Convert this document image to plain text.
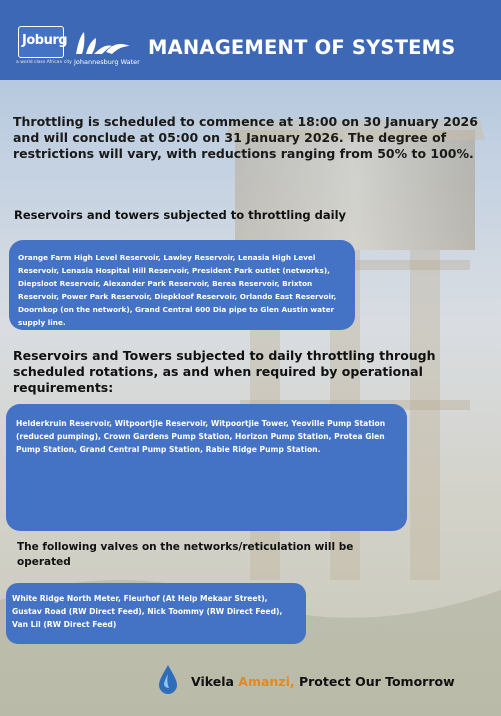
Joburg
a world class African city Johannesburg Water
MANAGEMENT OF SYSTEMS
Throttling is scheduled to commence at 18:00 on 30 January 2026 and will conclude at 05:00 on 31 January 2026. The degree of restrictions will vary, with reductions ranging from 50% to 100%.
Reservoirs and towers subjected to throttling daily

Orange Farm High Level Reservoir, Lawley Reservoir, Lenasia High Level Reservoir, Lenasia Hospital Hill Reservoir, President Park outlet (networks), Diepsloot Reservoir, Alexander Park Reservoir, Berea Reservoir, Brixton Reservoir, Power Park Reservoir, Diepkloof Reservoir, Orlando East Reservoir, Doornkop (on the network), Grand Central 600 Dia pipe to Glen Austin water supply line.

Reservoirs and Towers subjected to daily throttling through scheduled rotations, as and when required by operational requirements:

Helderkruin Reservoir, Witpoortjie Reservoir, Witpoortjie Tower, Yeoville Pump Station (reduced pumping), Crown Gardens Pump Station, Horizon Pump Station, Protea Glen Pump Station, Grand Central Pump Station, Rabie Ridge Pump Station.

The following valves on the networks/reticulation will be operated

White Ridge North Meter, Fleurhof (At Help Mekaar Street), Gustav Road (RW Direct Feed), Nick Toommy (RW Direct Feed), Van Lil (RW Direct Feed)

Vikela Amanzi, Protect Our Tomorrow
